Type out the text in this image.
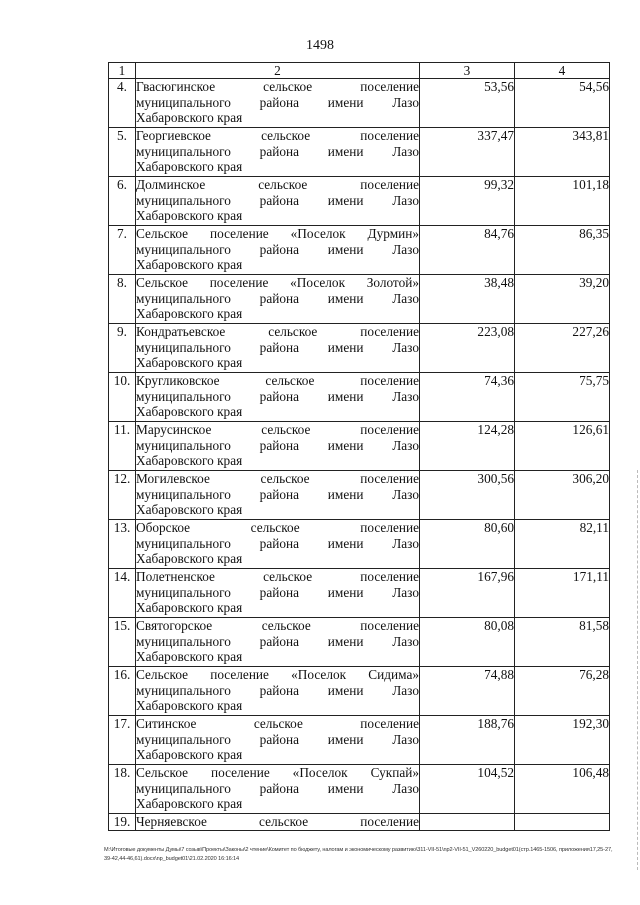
1498
1	2	3	4
4.	Гвасюгинское сельское поселение
муниципального района имени Лазо
Хабаровского края	53,56	54,56
5.	Георгиевское сельское поселение
муниципального района имени Лазо
Хабаровского края	337,47	343,81
6.	Долминское сельское поселение
муниципального района имени Лазо
Хабаровского края	99,32	101,18
7.	Сельское поселение «Поселок Дурмин»
муниципального района имени Лазо
Хабаровского края	84,76	86,35
8.	Сельское поселение «Поселок Золотой»
муниципального района имени Лазо
Хабаровского края	38,48	39,20
9.	Кондратьевское сельское поселение
муниципального района имени Лазо
Хабаровского края	223,08	227,26
10.	Кругликовское сельское поселение
муниципального района имени Лазо
Хабаровского края	74,36	75,75
11.	Марусинское сельское поселение
муниципального района имени Лазо
Хабаровского края	124,28	126,61
12.	Могилевское сельское поселение
муниципального района имени Лазо
Хабаровского края	300,56	306,20
13.	Оборское сельское поселение
муниципального района имени Лазо
Хабаровского края	80,60	82,11
14.	Полетненское сельское поселение
муниципального района имени Лазо
Хабаровского края	167,96	171,11
15.	Святогорское сельское поселение
муниципального района имени Лазо
Хабаровского края	80,08	81,58
16.	Сельское поселение «Поселок Сидима»
муниципального района имени Лазо
Хабаровского края	74,88	76,28
17.	Ситинское сельское поселение
муниципального района имени Лазо
Хабаровского края	188,76	192,30
18.	Сельское поселение «Поселок Сукпай»
муниципального района имени Лазо
Хабаровского края	104,52	106,48
19.	Черняевское сельское поселение		

M:\Итоговые документы Думы\7 созыв\Проекты\Законы\2 чтение\Комитет по бюджету, налогам и экономическому развитию\311-VII-51\np2-VII-51_V260220_budget01(стр.1465-1506, приложения17,25-27,39-42,44-46,61).docx\np_budget01\21.02.2020 16:16:14
